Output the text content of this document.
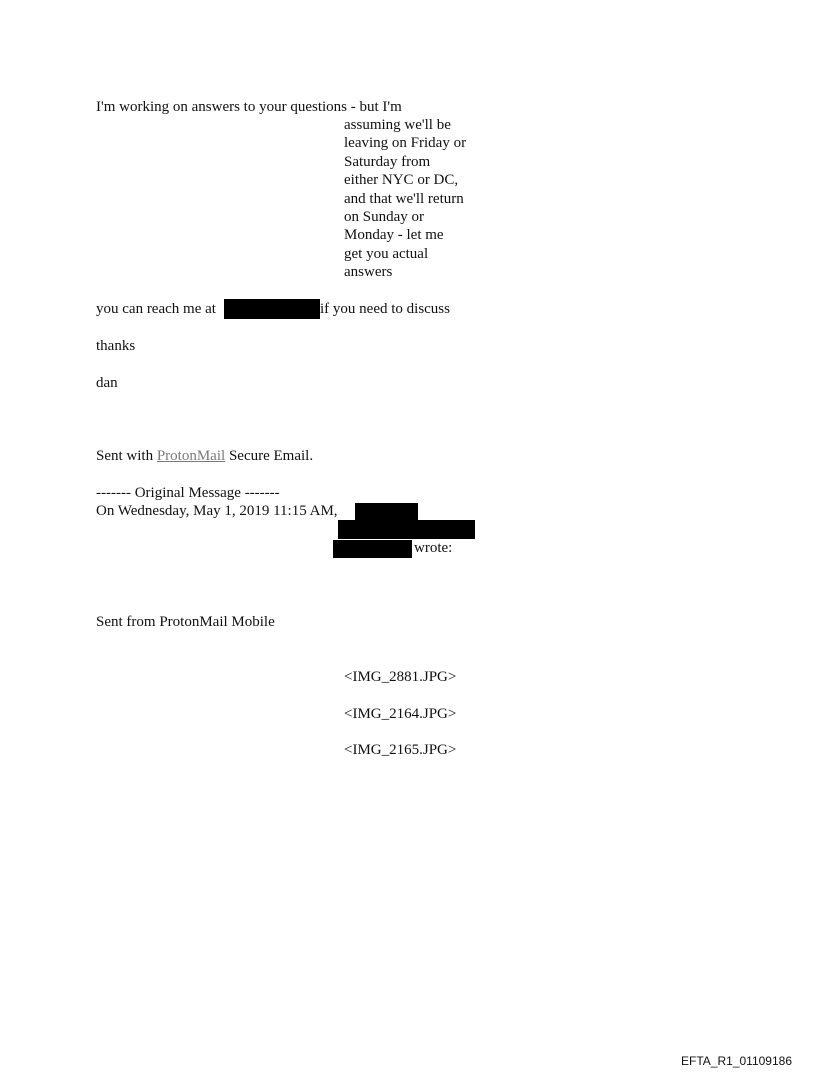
I'm working on answers to your questions - but I'm
assuming we'll be
leaving on Friday or
Saturday from
either NYC or DC,
and that we'll return
on Sunday or
Monday - let me
get you actual
answers
you can reach me at	if you need to discuss
thanks
dan
Sent with ProtonMail Secure Email.
------- Original Message -------
On Wednesday, May 1, 2019 11:15 AM,
wrote:
Sent from ProtonMail Mobile
<IMG_2881.JPG>
<IMG_2164.JPG>
<IMG_2165.JPG>
EFTA_R1_01109186
